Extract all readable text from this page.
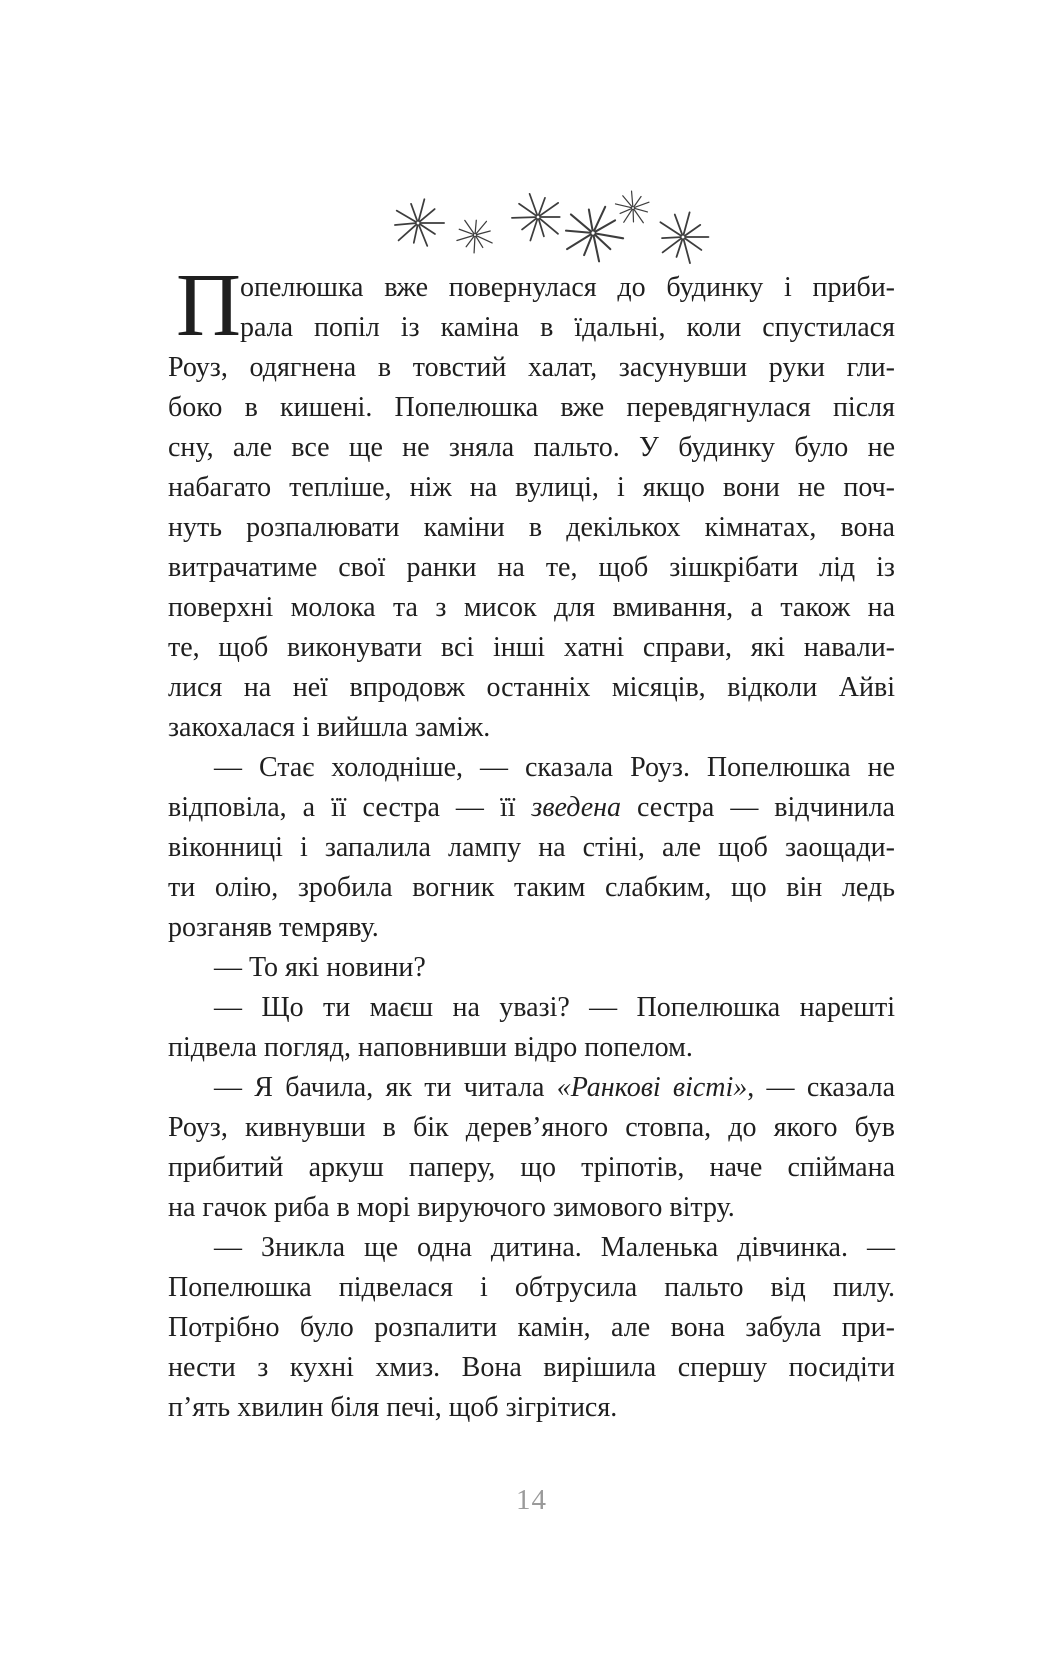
П опелюшка вже повернулася до будинку і приби-
рала попіл із каміна в їдальні, коли спустилася
Роуз, одягнена в товстий халат, засунувши руки гли-
боко в кишені. Попелюшка вже перевдягнулася після
сну, але все ще не зняла пальто. У будинку було не
набагато тепліше, ніж на вулиці, і якщо вони не поч-
нуть розпалювати каміни в декількох кімнатах, вона
витрачатиме свої ранки на те, щоб зішкрібати лід із
поверхні молока та з мисок для вмивання, а також на
те, щоб виконувати всі інші хатні справи, які навали-
лися на неї впродовж останніх місяців, відколи Айві
закохалася і вийшла заміж.
— Стає холодніше, — сказала Роуз. Попелюшка не
відповіла, а її сестра — її зведена сестра — відчинила
віконниці і запалила лампу на стіні, але щоб заощади-
ти олію, зробила вогник таким слабким, що він ледь
розганяв темряву.
— То які новини?
— Що ти маєш на увазі? — Попелюшка нарешті
підвела погляд, наповнивши відро попелом.
— Я бачила, як ти читала «Ранкові вісті», — сказала
Роуз, кивнувши в бік дерев’яного стовпа, до якого був
прибитий аркуш паперу, що тріпотів, наче спіймана
на гачок риба в морі вируючого зимового вітру.
— Зникла ще одна дитина. Маленька дівчинка. —
Попелюшка підвелася і обтрусила пальто від пилу.
Потрібно було розпалити камін, але вона забула при-
нести з кухні хмиз. Вона вирішила спершу посидіти
п’ять хвилин біля печі, щоб зігрітися.
14
